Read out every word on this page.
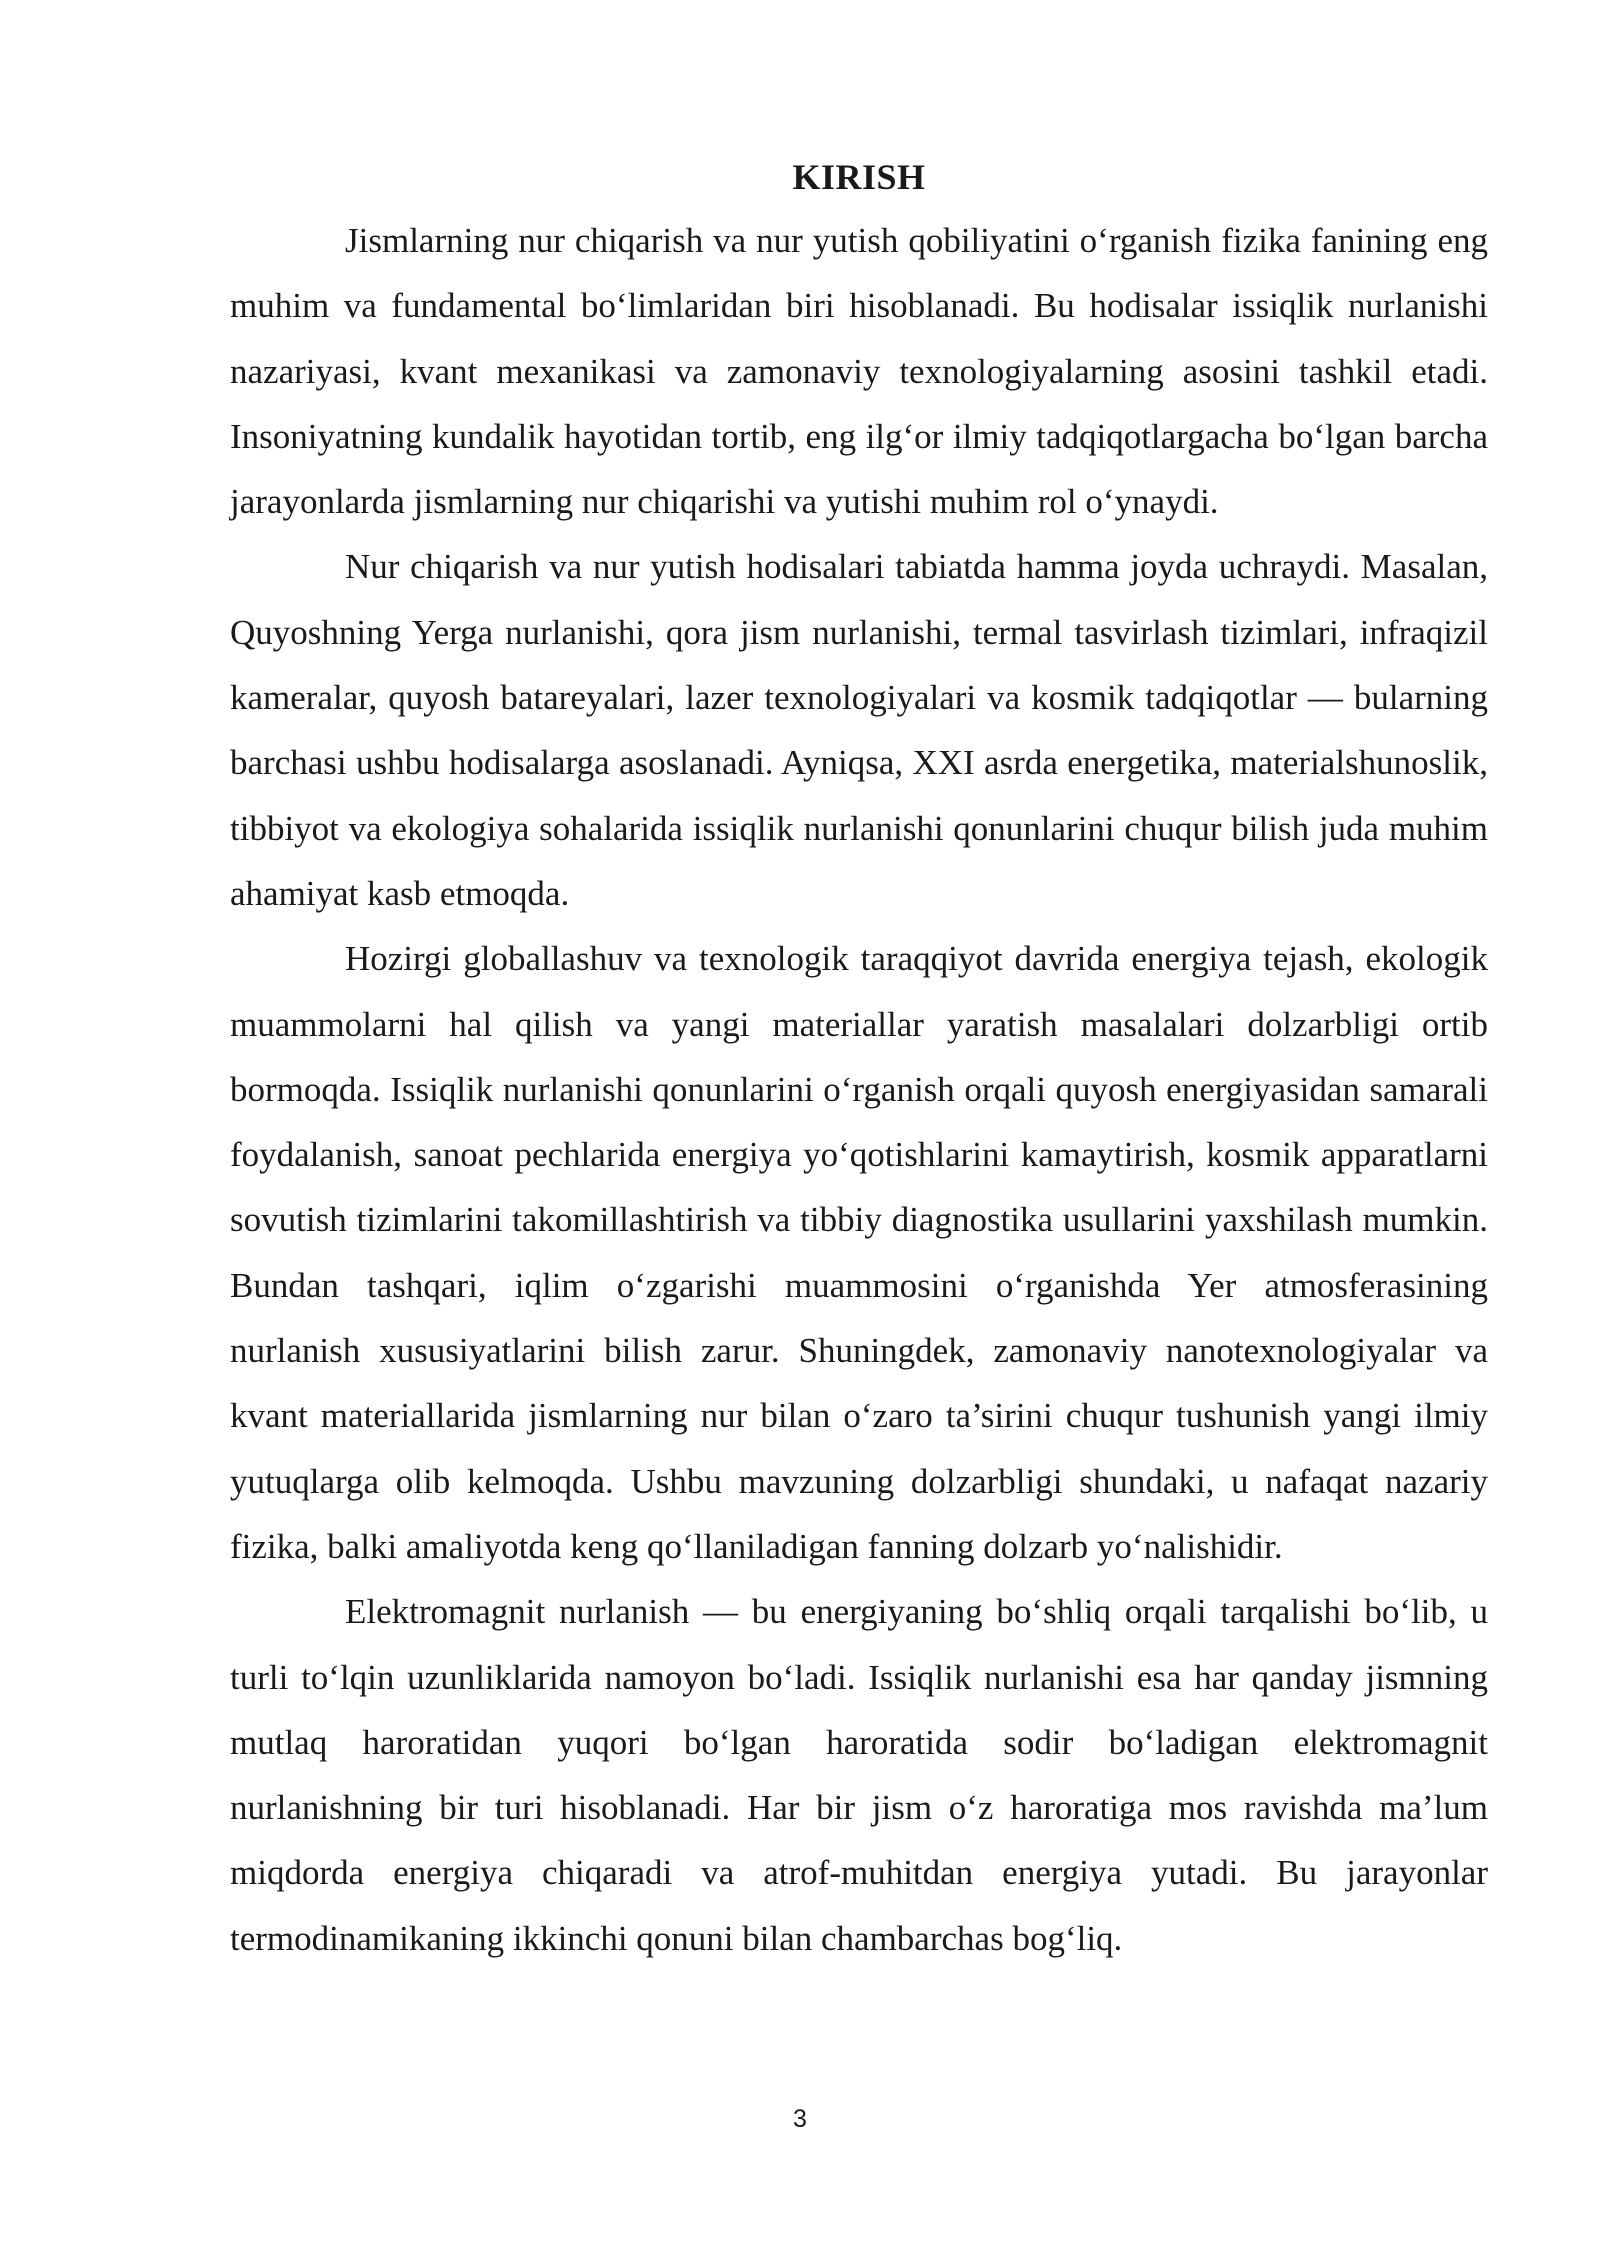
KIRISH

Jismlarning nur chiqarish va nur yutish qobiliyatini o‘rganish fizika fanining eng muhim va fundamental bo‘limlaridan biri hisoblanadi. Bu hodisalar issiqlik nurlanishi nazariyasi, kvant mexanikasi va zamonaviy texnologiyalarning asosini tashkil etadi. Insoniyatning kundalik hayotidan tortib, eng ilg‘or ilmiy tadqiqotlargacha bo‘lgan barcha jarayonlarda jismlarning nur chiqarishi va yutishi muhim rol o‘ynaydi.

Nur chiqarish va nur yutish hodisalari tabiatda hamma joyda uchraydi. Masalan, Quyoshning Yerga nurlanishi, qora jism nurlanishi, termal tasvirlash tizimlari, infraqizil kameralar, quyosh batareyalari, lazer texnologiyalari va kosmik tadqiqotlar — bularning barchasi ushbu hodisalarga asoslanadi. Ayniqsa, XXI asrda energetika, materialshunoslik, tibbiyot va ekologiya sohalarida issiqlik nurlanishi qonunlarini chuqur bilish juda muhim ahamiyat kasb etmoqda.

Hozirgi globallashuv va texnologik taraqqiyot davrida energiya tejash, ekologik muammolarni hal qilish va yangi materiallar yaratish masalalari dolzarbligi ortib bormoqda. Issiqlik nurlanishi qonunlarini o‘rganish orqali quyosh energiyasidan samarali foydalanish, sanoat pechlarida energiya yo‘qotishlarini kamaytirish, kosmik apparatlarni sovutish tizimlarini takomillashtirish va tibbiy diagnostika usullarini yaxshilash mumkin. Bundan tashqari, iqlim o‘zgarishi muammosini o‘rganishda Yer atmosferasining nurlanish xususiyatlarini bilish zarur. Shuningdek, zamonaviy nanotexnologiyalar va kvant materiallarida jismlarning nur bilan o‘zaro ta’sirini chuqur tushunish yangi ilmiy yutuqlarga olib kelmoqda. Ushbu mavzuning dolzarbligi shundaki, u nafaqat nazariy fizika, balki amaliyotda keng qo‘llaniladigan fanning dolzarb yo‘nalishidir.

Elektromagnit nurlanish — bu energiyaning bo‘shliq orqali tarqalishi bo‘lib, u turli to‘lqin uzunliklarida namoyon bo‘ladi. Issiqlik nurlanishi esa har qanday jismning mutlaq haroratidan yuqori bo‘lgan haroratida sodir bo‘ladigan elektromagnit nurlanishning bir turi hisoblanadi. Har bir jism o‘z haroratiga mos ravishda ma’lum miqdorda energiya chiqaradi va atrof-muhitdan energiya yutadi. Bu jarayonlar termodinamikaning ikkinchi qonuni bilan chambarchas bog‘liq.

3
